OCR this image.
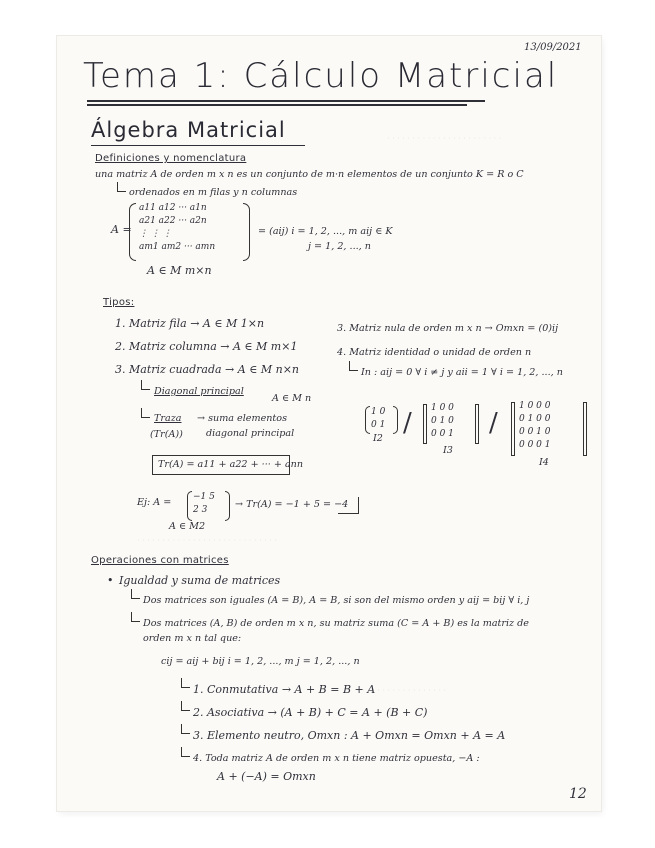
· · · · · · · · · · · · · · · · · · · · · · ·
· · · · · · · · · · · · · · · · · · · · · · · · · · · ·
· · · · · · · · · · · · · · · · · ·
13/09/2021
Tema 1: Cálculo Matricial
Álgebra Matricial
Definiciones y nomenclatura
una matriz A de orden m x n es un conjunto de m·n elementos de un conjunto K = R o C
ordenados en m filas y n columnas
A =
a11 a12 ··· a1n
a21 a22 ··· a2n
⋮ ⋮ ⋮
am1 am2 ··· amn
= (aij) i = 1, 2, ..., m aij ∈ K
j = 1, 2, ..., n
A ∈ M m×n
Tipos:
1. Matriz fila → A ∈ M 1×n
2. Matriz columna → A ∈ M m×1
3. Matriz cuadrada → A ∈ M n×n
Diagonal principal
A ∈ M n
Traza
(Tr(A))
→ suma elementos
diagonal principal
Tr(A) = a11 + a22 + ··· + ann
Ej: A = −1 5
2 3	→ Tr(A) = −1 + 5 = −4
A ∈ M2
3. Matriz nula de orden m x n → Omxn = (0)ij
4. Matriz identidad o unidad de orden n
In : aij = 0 ∀ i ≠ j y aii = 1 ∀ i = 1, 2, ..., n
1 0
0 1
I2
/ 1 0 0
0 1 0
0 0 1
I3
/
1 0 0 0
0 1 0 0
0 0 1 0
0 0 0 1
I4
Operaciones con matrices
• Igualdad y suma de matrices
Dos matrices son iguales (A = B), A = B, si son del mismo orden y aij = bij ∀ i, j
Dos matrices (A, B) de orden m x n, su matriz suma (C = A + B) es la matriz de
orden m x n tal que:
cij = aij + bij i = 1, 2, ..., m j = 1, 2, ..., n
1. Conmutativa → A + B = B + A
2. Asociativa → (A + B) + C = A + (B + C)
3. Elemento neutro, Omxn : A + Omxn = Omxn + A = A
4. Toda matriz A de orden m x n tiene matriz opuesta, −A :
A + (−A) = Omxn
12
